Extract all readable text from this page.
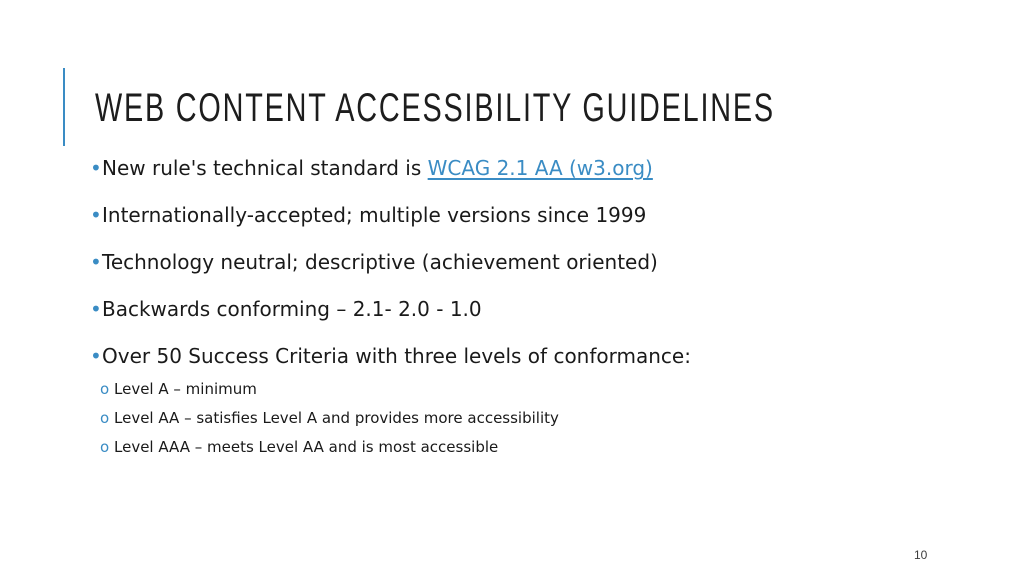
WEB CONTENT ACCESSIBILITY GUIDELINES
• New rule's technical standard is WCAG 2.1 AA (w3.org)
• Internationally-accepted; multiple versions since 1999
• Technology neutral; descriptive (achievement oriented)
• Backwards conforming – 2.1- 2.0 - 1.0
• Over 50 Success Criteria with three levels of conformance:
o Level A – minimum
o Level AA – satisfies Level A and provides more accessibility
o Level AAA – meets Level AA and is most accessible
10
